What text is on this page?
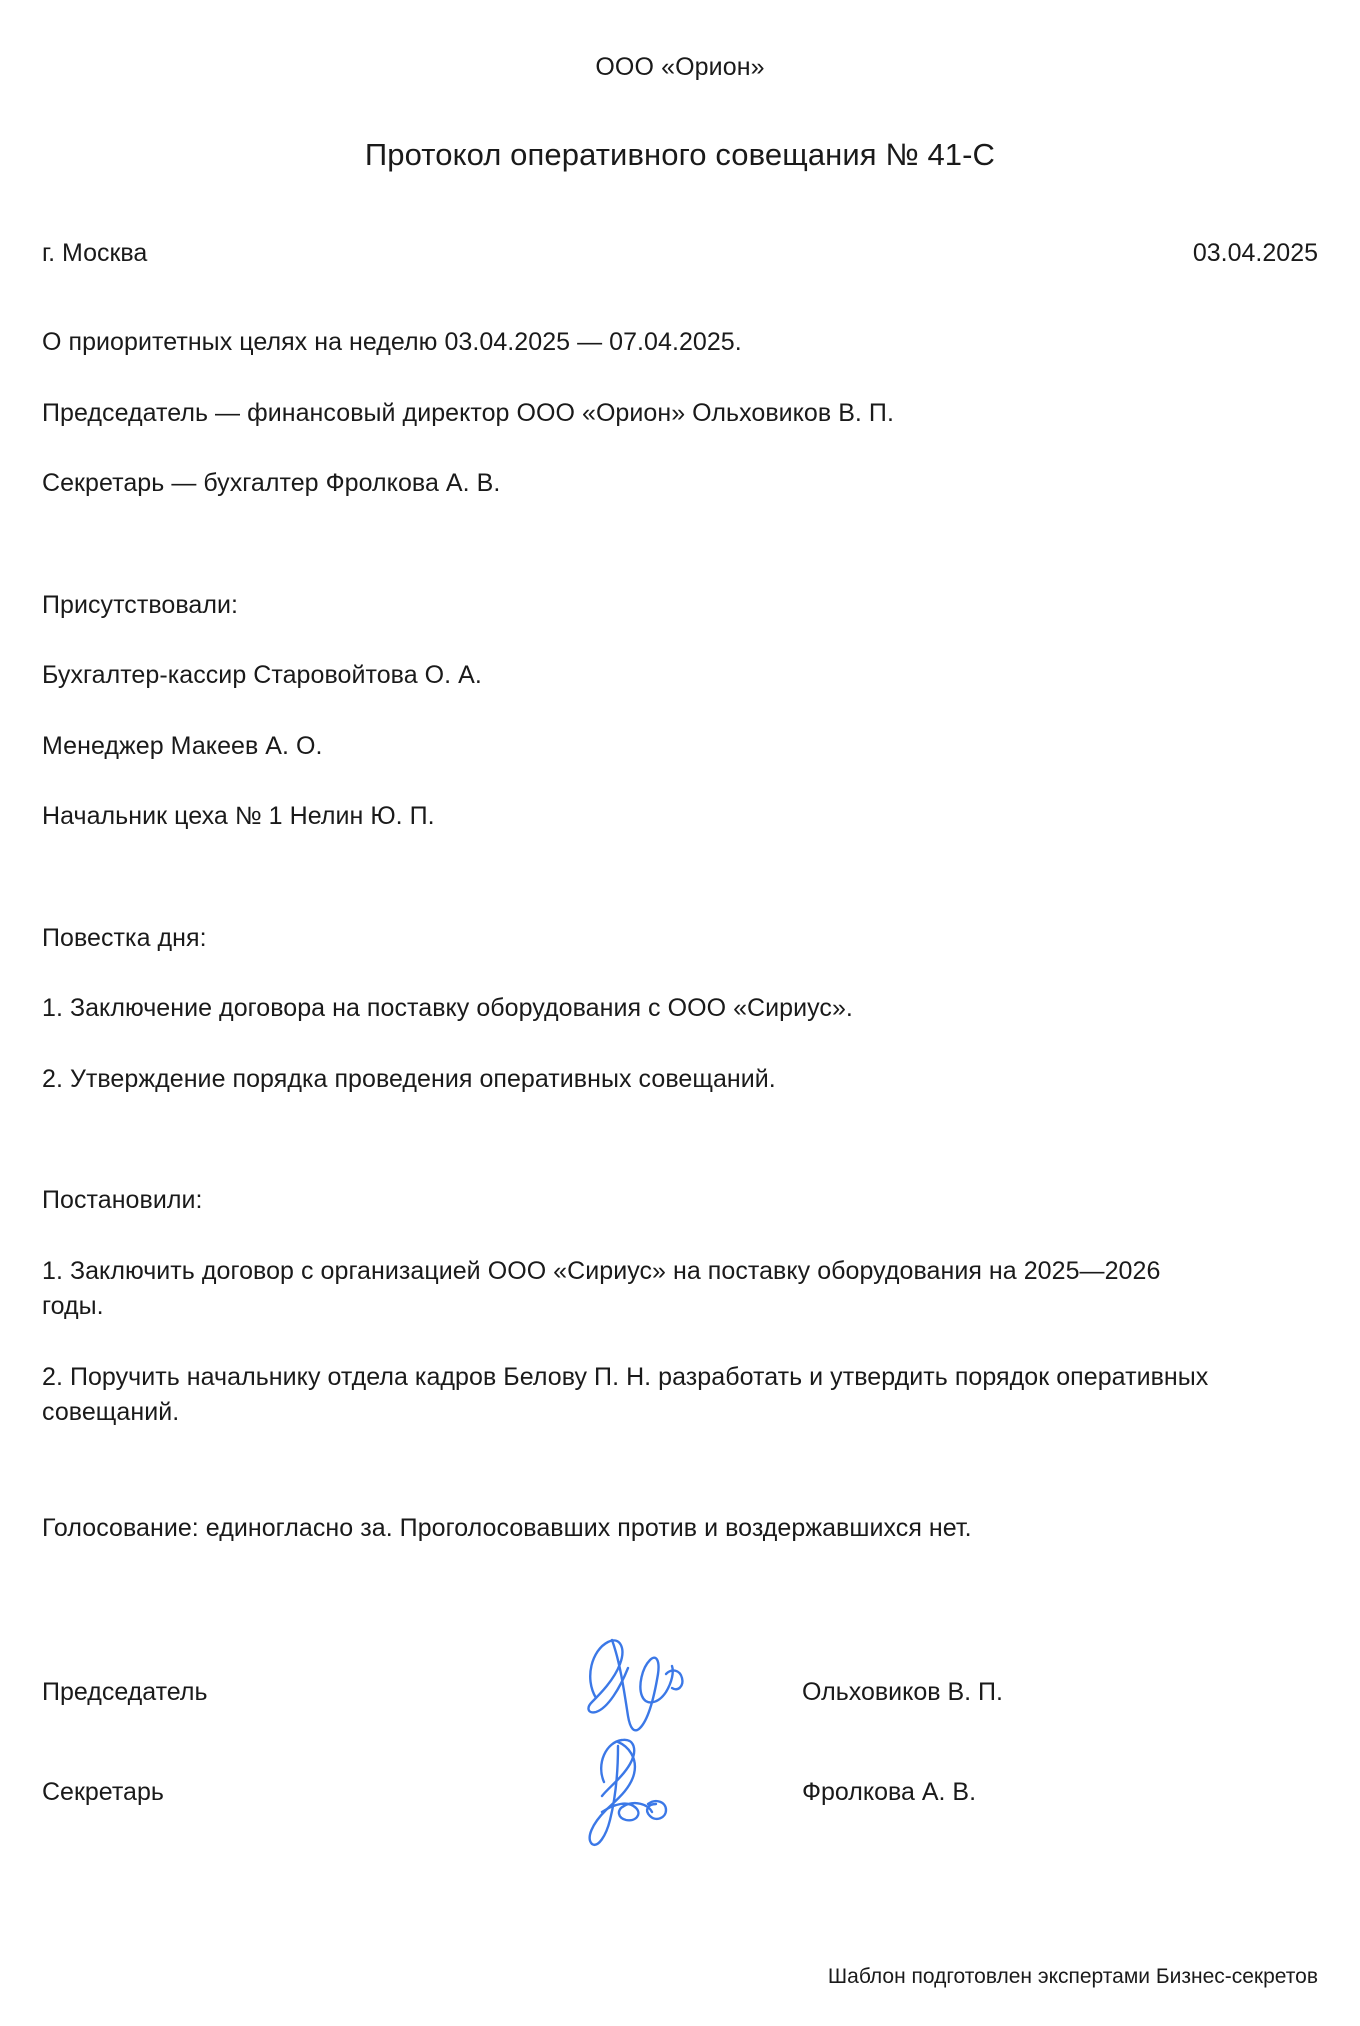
ООО «Орион»
Протокол оперативного совещания № 41-С
г. Москва	03.04.2025
О приоритетных целях на неделю 03.04.2025 — 07.04.2025.
Председатель — финансовый директор ООО «Орион» Ольховиков В. П.
Секретарь — бухгалтер Фролкова А. В.
Присутствовали:
Бухгалтер-кассир Старовойтова О. А.
Менеджер Макеев А. О.
Начальник цеха № 1 Нелин Ю. П.
Повестка дня:
1. Заключение договора на поставку оборудования с ООО «Сириус».
2. Утверждение порядка проведения оперативных совещаний.
Постановили:
1. Заключить договор с организацией ООО «Сириус» на поставку оборудования на 2025—2026 годы.
2. Поручить начальнику отдела кадров Белову П. Н. разработать и утвердить порядок оперативных совещаний.
Голосование: единогласно за. Проголосовавших против и воздержавшихся нет.
Председатель	Ольховиков В. П.
Секретарь	Фролкова А. В.
Шаблон подготовлен экспертами Бизнес-секретов
